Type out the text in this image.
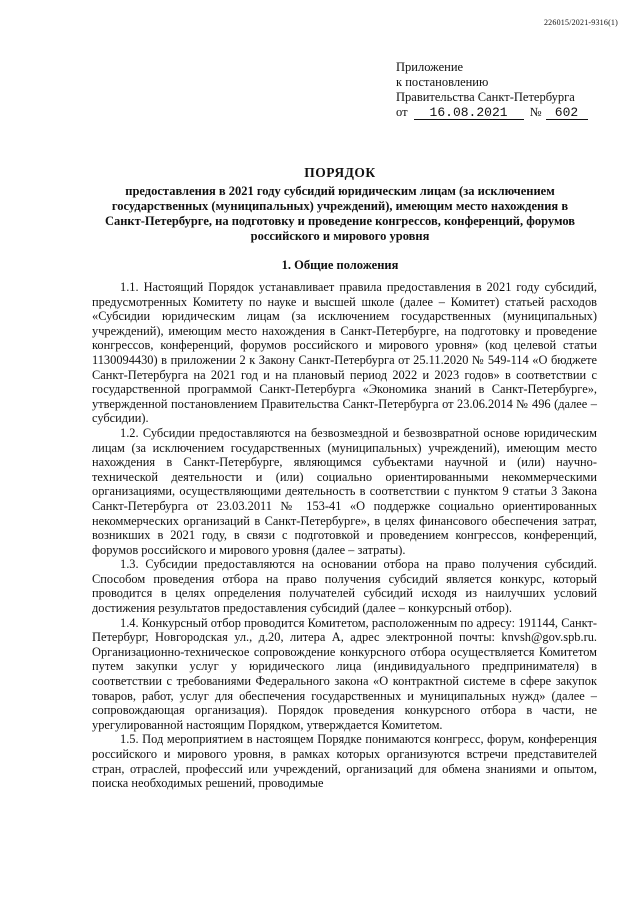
226015/2021-9316(1)
Приложение
к постановлению
Правительства Санкт-Петербурга
от 16.08.2021 № 602
ПОРЯДОК
предоставления в 2021 году субсидий юридическим лицам (за исключением государственных (муниципальных) учреждений), имеющим место нахождения в Санкт-Петербурге, на подготовку и проведение конгрессов, конференций, форумов российского и мирового уровня
1. Общие положения

1.1. Настоящий Порядок устанавливает правила предоставления в 2021 году субсидий, предусмотренных Комитету по науке и высшей школе (далее – Комитет) статьей расходов «Субсидии юридическим лицам (за исключением государственных (муниципальных) учреждений), имеющим место нахождения в Санкт-Петербурге, на подготовку и проведение конгрессов, конференций, форумов российского и мирового уровня» (код целевой статьи 1130094430) в приложении 2 к Закону Санкт-Петербурга от 25.11.2020 № 549-114 «О бюджете Санкт-Петербурга на 2021 год и на плановый период 2022 и 2023 годов» в соответствии с государственной программой Санкт-Петербурга «Экономика знаний в Санкт-Петербурге», утвержденной постановлением Правительства Санкт-Петербурга от 23.06.2014 № 496 (далее – субсидии).

1.2. Субсидии предоставляются на безвозмездной и безвозвратной основе юридическим лицам (за исключением государственных (муниципальных) учреждений), имеющим место нахождения в Санкт-Петербурге, являющимся субъектами научной и (или) научно-технической деятельности и (или) социально ориентированными некоммерческими организациями, осуществляющими деятельность в соответствии с пунктом 9 статьи 3 Закона Санкт-Петербурга от 23.03.2011 № 153-41 «О поддержке социально ориентированных некоммерческих организаций в Санкт-Петербурге», в целях финансового обеспечения затрат, возникших в 2021 году, в связи с подготовкой и проведением конгрессов, конференций, форумов российского и мирового уровня (далее – затраты).

1.3. Субсидии предоставляются на основании отбора на право получения субсидий. Способом проведения отбора на право получения субсидий является конкурс, который проводится в целях определения получателей субсидий исходя из наилучших условий достижения результатов предоставления субсидий (далее – конкурсный отбор).

1.4. Конкурсный отбор проводится Комитетом, расположенным по адресу: 191144, Санкт-Петербург, Новгородская ул., д.20, литера А, адрес электронной почты: knvsh@gov.spb.ru. Организационно-техническое сопровождение конкурсного отбора осуществляется Комитетом путем закупки услуг у юридического лица (индивидуального предпринимателя) в соответствии с требованиями Федерального закона «О контрактной системе в сфере закупок товаров, работ, услуг для обеспечения государственных и муниципальных нужд» (далее – сопровождающая организация). Порядок проведения конкурсного отбора в части, не урегулированной настоящим Порядком, утверждается Комитетом.

1.5. Под мероприятием в настоящем Порядке понимаются конгресс, форум, конференция российского и мирового уровня, в рамках которых организуются встречи представителей стран, отраслей, профессий или учреждений, организаций для обмена знаниями и опытом, поиска необходимых решений, проводимые
